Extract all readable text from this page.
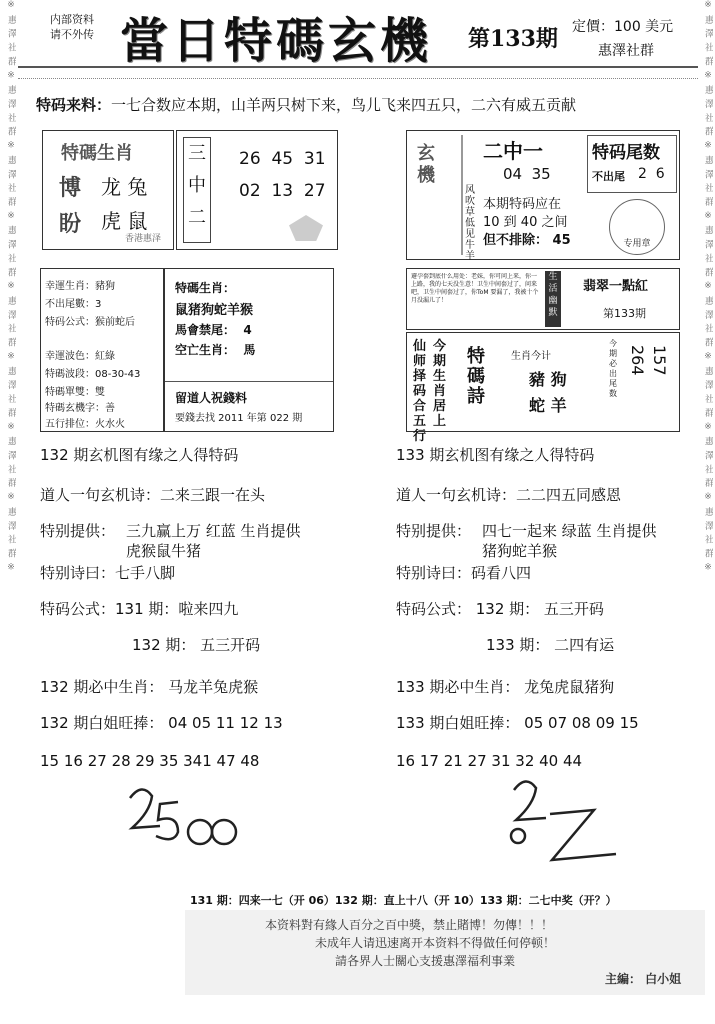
※ 惠 澤 社 群 ※ 惠 澤 社 群 ※ 惠 澤 社 群 ※ 惠 澤 社 群 ※ 惠 澤 社 群 ※ 惠 澤 社 群 ※ 惠 澤 社 群 ※ 惠 澤 社 群 ※	※ 惠 澤 社 群 ※ 惠 澤 社 群 ※ 惠 澤 社 群 ※ 惠 澤 社 群 ※ 惠 澤 社 群 ※ 惠 澤 社 群 ※ 惠 澤 社 群 ※ 惠 澤 社 群 ※
内部资料
请不外传 當日特碼玄機 第133期 定價：100 美元
惠澤社群
特码来料：一七合数应本期，山羊两只树下来，鸟儿飞来四五只，二六有威五贡献
特碼生肖
博 龙 兔
盼 虎 鼠
香港惠泽
三
中
二
26  45  31
02  13  27
玄
機
二中一
04  35
特码尾数
不出尾 2  6
风吹草低见牛羊
本期特码应在
10 到 40 之间
但不排除： 45	专用章
幸運生肖：豬狗
不出尾數：3
特码公式：猴前蛇后
幸運波色：紅綠
特碼波段：08-30-43
特碼單雙：雙
特碼玄機字：善
五行排位：火水火
特碼生肖：
鼠猪狗蛇羊猴
馬會禁尾：  4
空亡生肖：  馬
留道人祝錢料
要錢去找 2011 年第 022 期
避孕套到底什么用处：老妹，你可问上来，你一上路，我的七天没生意！卫生中间套过了，问来吧，卫生中间套过了，你ToM 要漏了，我被十个月没漏儿了！
生活幽默
翡翠一點紅
第133期
仙师择码合五行
今期生肖居上
特碼詩
生肖今计
豬 狗
蛇 羊
今期必出尾数
264 157
132 期玄机图有缘之人得特码
道人一句玄机诗：二来三跟一在头
特别提供： 三九赢上万 红蓝 生肖提供
虎猴鼠牛猪
特别诗曰：七手八脚
特码公式：131 期：啦来四九
132 期： 五三开码
132 期必中生肖： 马龙羊兔虎猴
132 期白姐旺捧： 04 05 11 12 13
15 16 27 28 29 35 341 47 48
133 期玄机图有缘之人得特码
道人一句玄机诗：二二四五同感恩
特别提供： 四七一起来 绿蓝 生肖提供
猪狗蛇羊猴
特别诗曰：码看八四
特码公式： 132 期： 五三开码
133 期： 二四有运
133 期必中生肖： 龙兔虎鼠猪狗
133 期白姐旺捧： 05 07 08 09 15
16 17 21 27 31 32 40 44
131 期：四来一七（开 06）132 期：直上十八（开 10）133 期：二七中奖（开？）
本资料對有緣人百分之百中獎，禁止賭博！勿傳！！！
未成年人请迅速离开本资料不得做任何停顿！
請各界人士關心支援惠澤福利事業
主編： 白小姐
